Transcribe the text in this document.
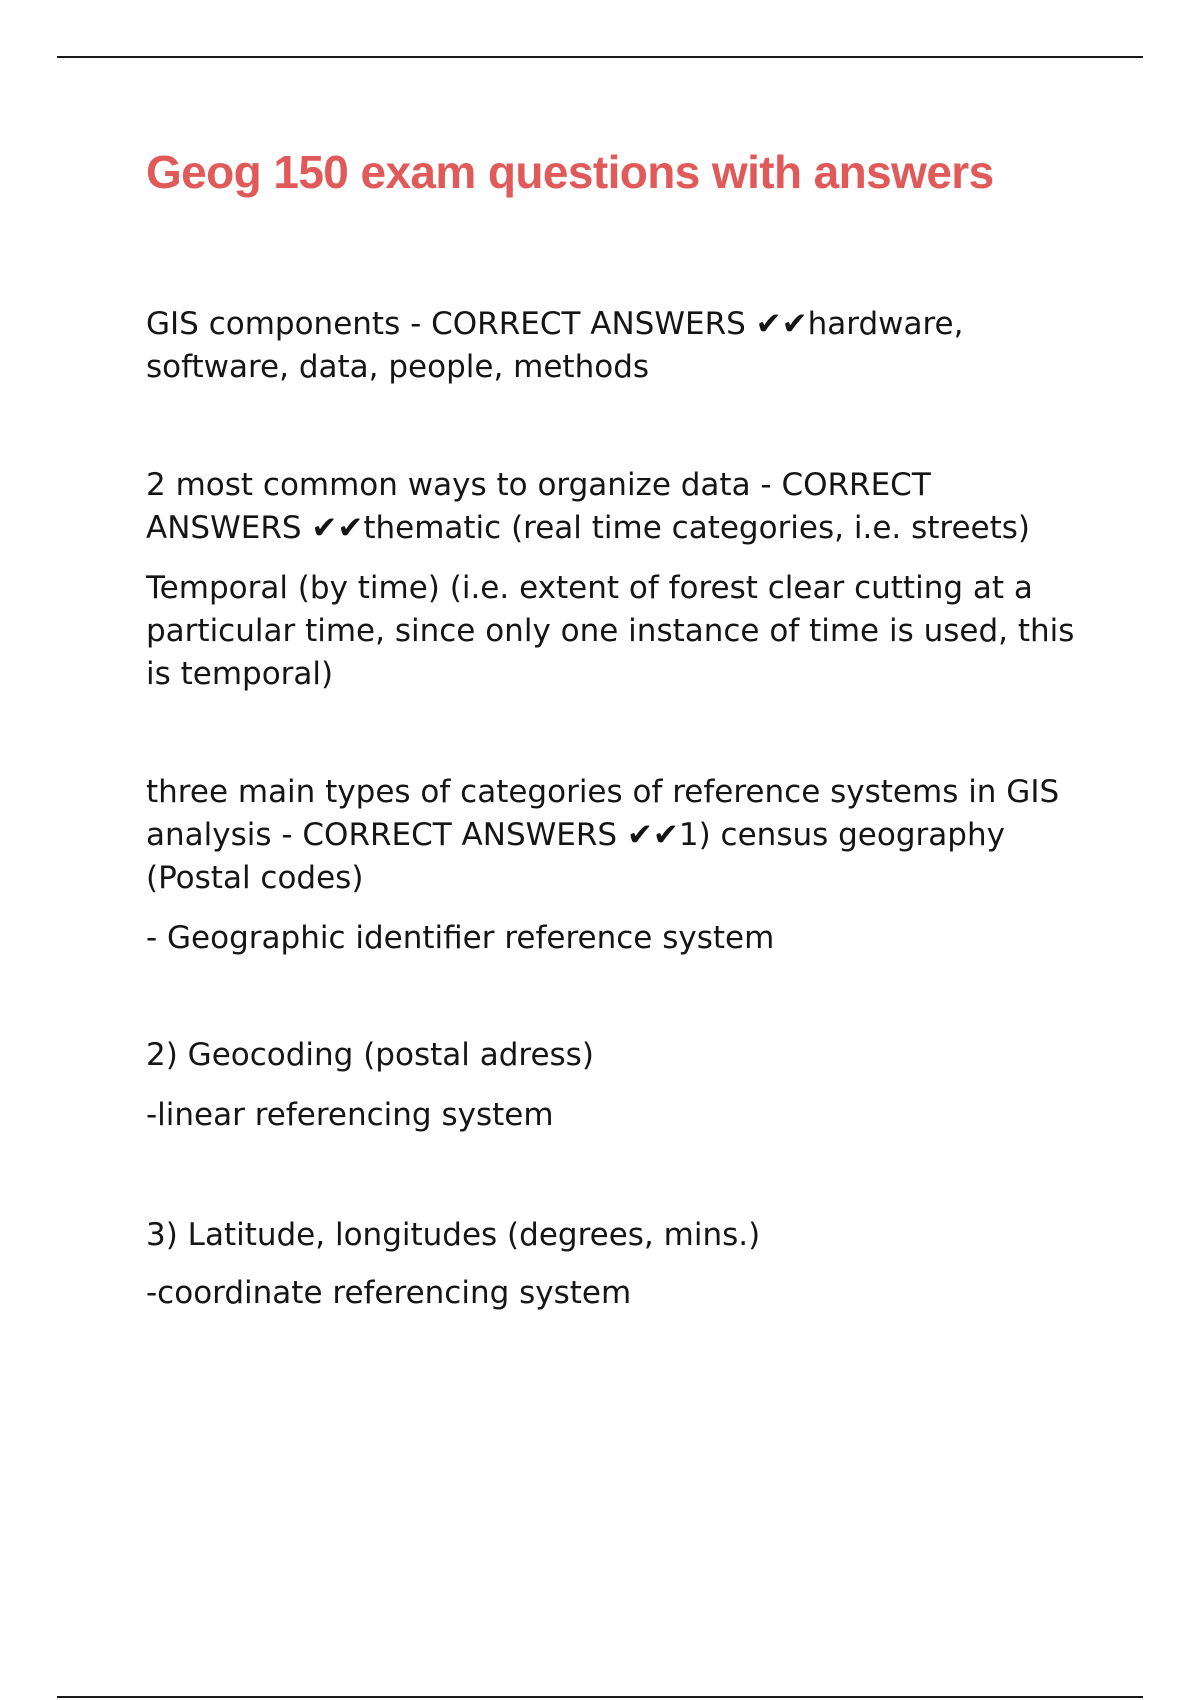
Geog 150 exam questions with answers

GIS components - CORRECT ANSWERS ✔✔hardware, software, data, people, methods

2 most common ways to organize data - CORRECT ANSWERS ✔✔thematic (real time categories, i.e. streets)

Temporal (by time) (i.e. extent of forest clear cutting at a particular time, since only one instance of time is used, this is temporal)

three main types of categories of reference systems in GIS analysis - CORRECT ANSWERS ✔✔1) census geography (Postal codes)

- Geographic identifier reference system

2) Geocoding (postal adress)

-linear referencing system

3) Latitude, longitudes (degrees, mins.)

-coordinate referencing system
